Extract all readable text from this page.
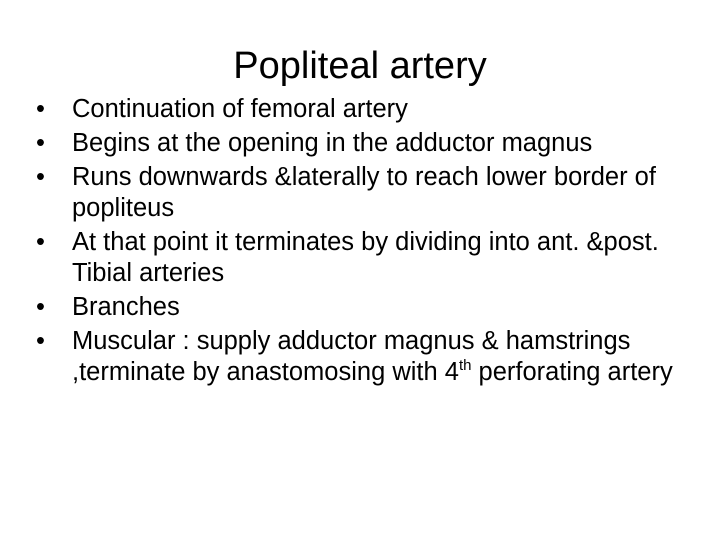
Popliteal artery
•	Continuation of femoral artery
•	Begins at the opening in the adductor magnus
•	Runs downwards &laterally to reach lower border of popliteus
•	At that point it terminates by dividing into ant. &post. Tibial arteries
•	Branches
•	Muscular : supply adductor magnus & hamstrings ,terminate by anastomosing with 4th perforating artery
